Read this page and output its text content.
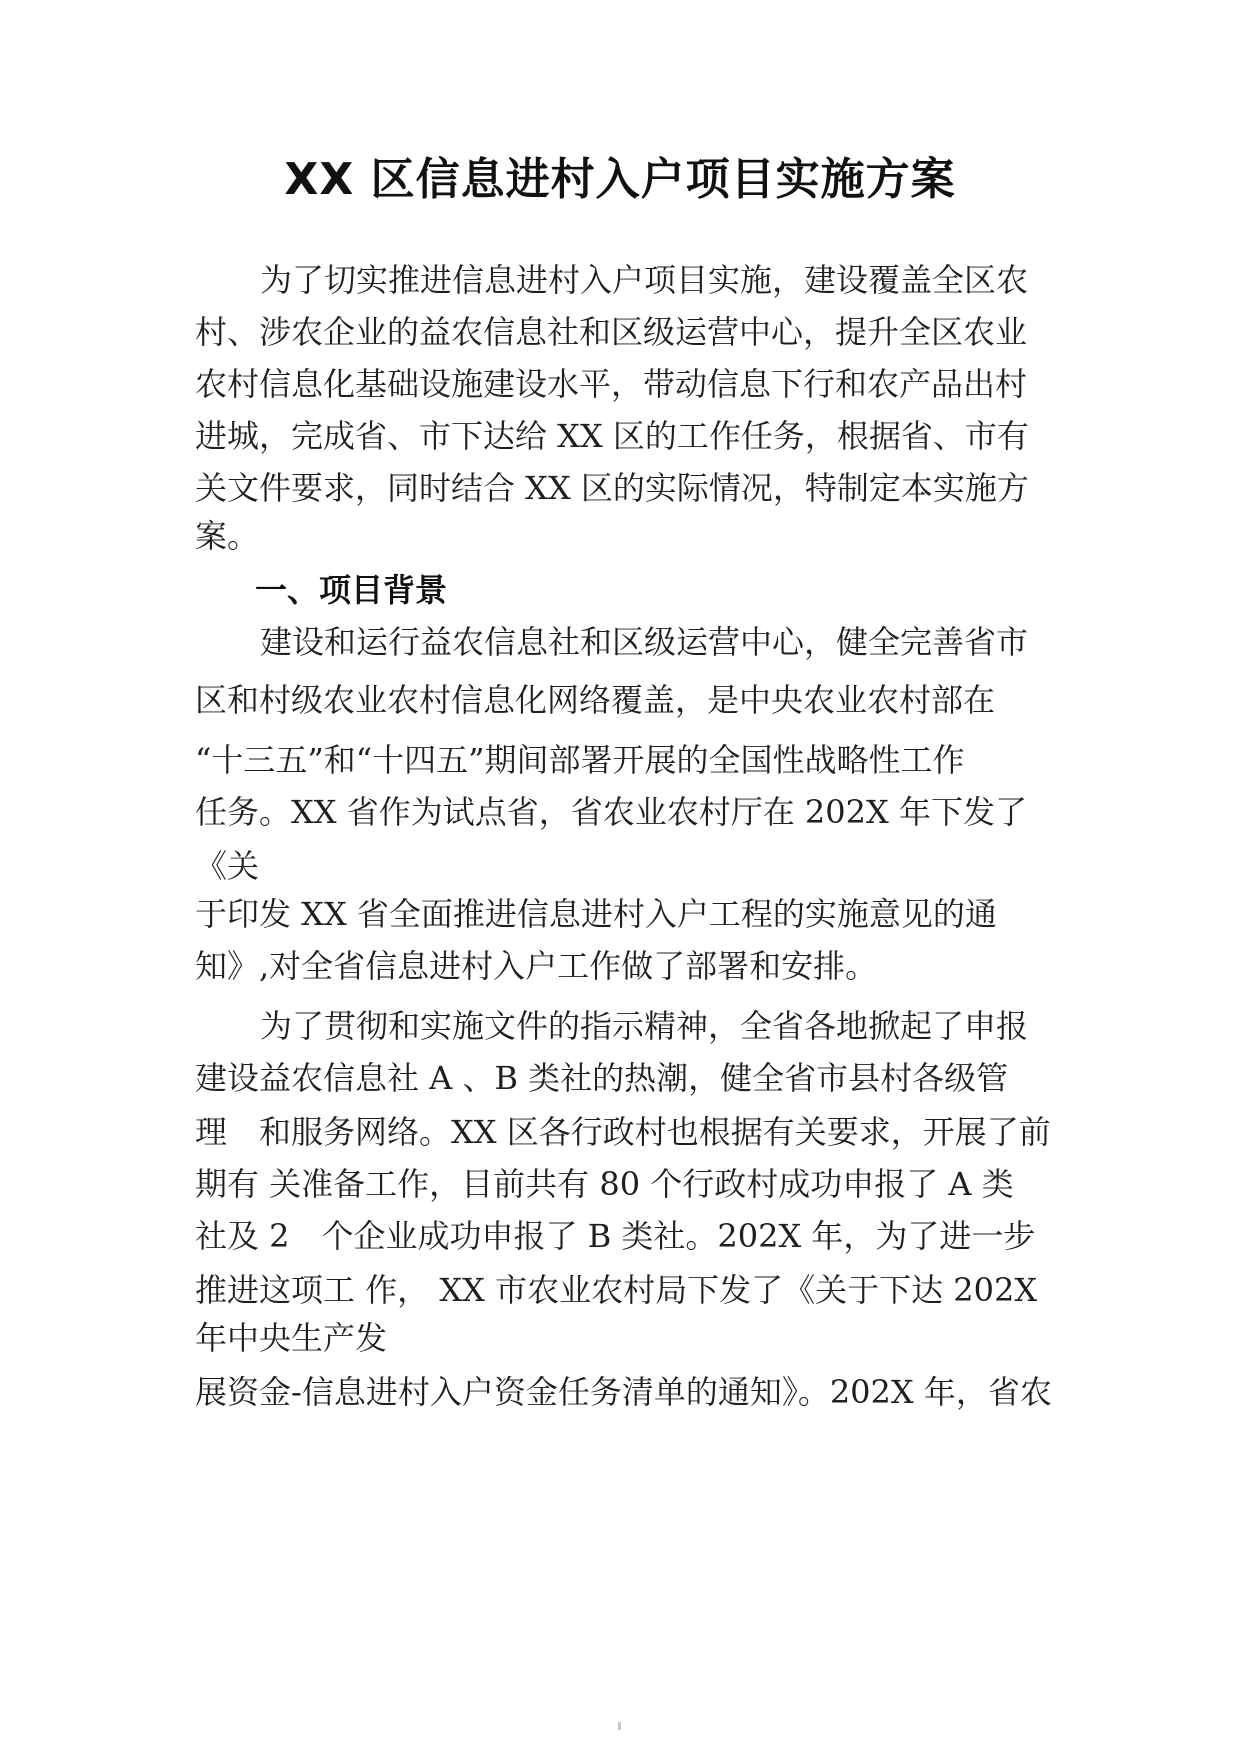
XX 区信息进村入户项目实施方案
为了切实推进信息进村入户项目实施，建设覆盖全区农
村、涉农企业的益农信息社和区级运营中心，提升全区农业
农村信息化基础设施建设水平，带动信息下行和农产品出村
进城，完成省、市下达给 XX 区的工作任务，根据省、市有
关文件要求，同时结合 XX 区的实际情况，特制定本实施方
案。
一、项目背景
建设和运行益农信息社和区级运营中心，健全完善省市
区和村级农业农村信息化网络覆盖，是中央农业农村部在
“十三五”和“十四五”期间部署开展的全国性战略性工作
任务。XX 省作为试点省，省农业农村厅在 202X 年下发了
《关
于印发 XX 省全面推进信息进村入户工程的实施意见的通
知》,对全省信息进村入户工作做了部署和安排。
为了贯彻和实施文件的指示精神，全省各地掀起了申报
建设益农信息社 A 、B 类社的热潮，健全省市县村各级管
理　和服务网络。XX 区各行政村也根据有关要求，开展了前
期有 关准备工作，目前共有 80 个行政村成功申报了 A 类
社及 2　个企业成功申报了 B 类社。202X 年，为了进一步
推进这项工 作， XX 市农业农村局下发了《关于下达 202X
年中央生产发
展资金-信息进村入户资金任务清单的通知》。202X 年，省农
